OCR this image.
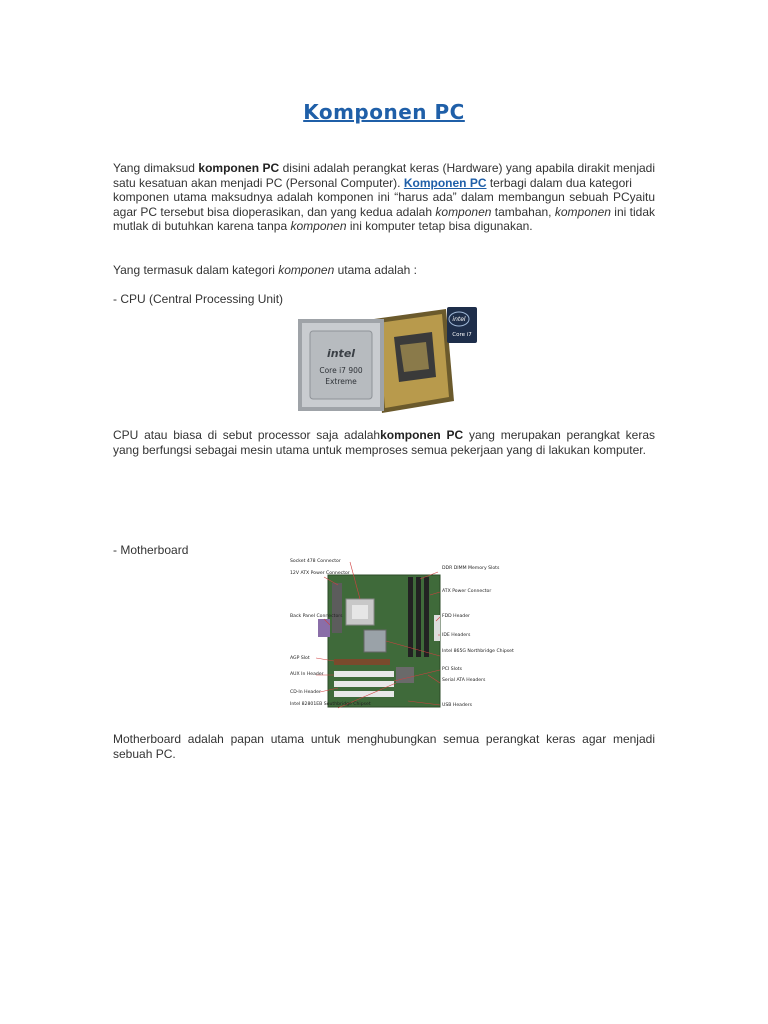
Komponen PC
Yang dimaksud komponen PC disini adalah perangkat keras (Hardware) yang apabila dirakit menjadi satu kesatuan akan menjadi PC (Personal Computer). Komponen PC terbagi dalam dua kategori
yaitu

komponen utama maksudnya adalah komponen ini “harus ada” dalam membangun sebuah PC agar PC tersebut bisa dioperasikan, dan yang kedua adalah komponen tambahan, komponen ini tidak mutlak di butuhkan karena tanpa komponen ini komputer tetap bisa digunakan.
Yang termasuk dalam kategori komponen utama adalah :
- CPU (Central Processing Unit)
intel
Core i7 900
Extreme
intel
Core i7
CPU atau biasa di sebut processor saja adalahkomponen PC yang merupakan perangkat keras yang berfungsi sebagai mesin utama untuk memproses semua pekerjaan yang di lakukan komputer.
- Motherboard
Socket 478 Connector
12V ATX Power Connector
Back Panel Connectors
AGP Slot
AUX In Header
CD-In Header
Intel 82801EB Southbridge Chipset
DDR DIMM Memory Slots
ATX Power Connector
FDD Header
IDE Headers
Intel 865G Northbridge Chipset
PCI Slots
Serial ATA Headers
USB Headers
Motherboard adalah papan utama untuk menghubungkan semua perangkat keras agar menjadi sebuah PC.
